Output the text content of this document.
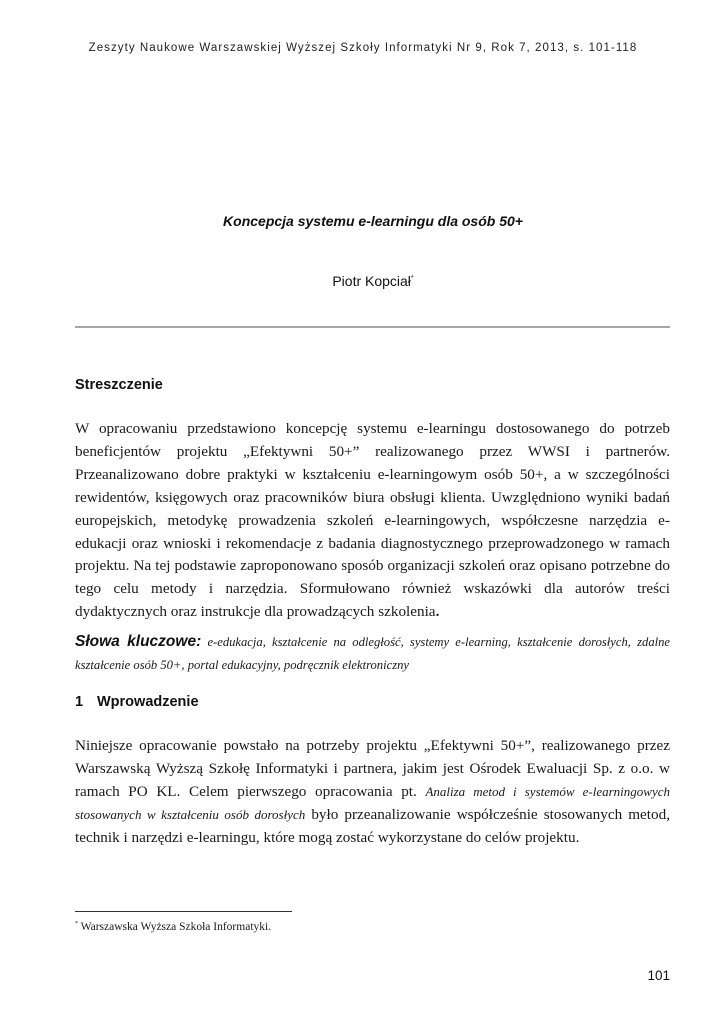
Zeszyty Naukowe Warszawskiej Wyższej Szkoły Informatyki Nr 9, Rok 7, 2013, s. 101-118
Koncepcja systemu e-learningu dla osób 50+
Piotr Kopciał*
Streszczenie
W opracowaniu przedstawiono koncepcję systemu e-learningu dostosowanego do potrzeb beneficjentów projektu „Efektywni 50+” realizowanego przez WWSI i partnerów. Przeanalizowano dobre praktyki w kształceniu e-learningowym osób 50+, a w szczególności rewidentów, księgowych oraz pracowników biura obsługi klienta. Uwzględniono wyniki badań europejskich, metodykę prowadzenia szkoleń e-learningowych, współczesne narzędzia e-edukacji oraz wnioski i rekomendacje z badania diagnostycznego przeprowadzonego w ramach projektu. Na tej podstawie zaproponowano sposób organizacji szkoleń oraz opisano potrzebne do tego celu metody i narzędzia. Sformułowano również wskazówki dla autorów treści dydaktycznych oraz instrukcje dla prowadzących szkolenia.
Słowa kluczowe: e-edukacja, kształcenie na odległość, systemy e-learning, kształcenie dorosłych, zdalne kształcenie osób 50+, portal edukacyjny, podręcznik elektroniczny
1 Wprowadzenie
Niniejsze opracowanie powstało na potrzeby projektu „Efektywni 50+”, realizowanego przez Warszawską Wyższą Szkołę Informatyki i partnera, jakim jest Ośrodek Ewaluacji Sp. z o.o. w ramach PO KL. Celem pierwszego opracowania pt. Analiza metod i systemów e-learningowych stosowanych w kształceniu osób dorosłych było przeanalizowanie współcześnie stosowanych metod, technik i narzędzi e-learningu, które mogą zostać wykorzystane do celów projektu.
* Warszawska Wyższa Szkoła Informatyki.
101
